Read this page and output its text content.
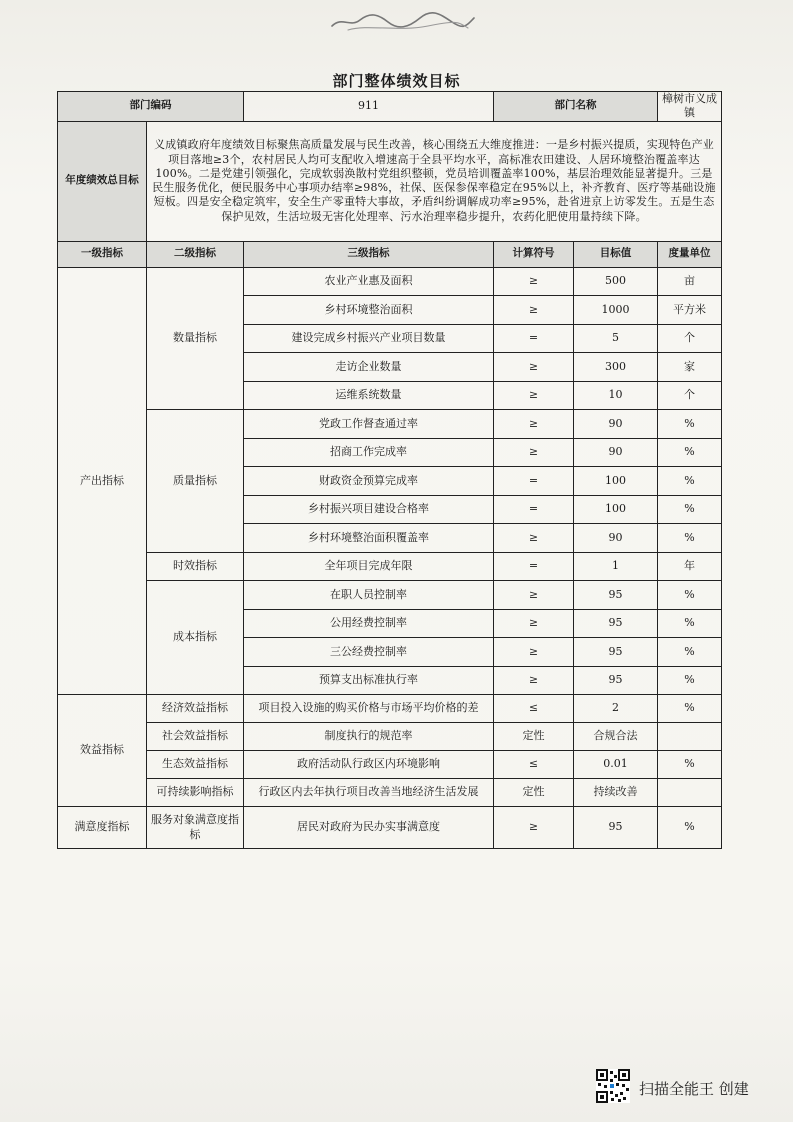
部门整体绩效目标
部门编码		911	部门名称		樟树市义成镇
年度绩效总目标	义成镇政府年度绩效目标聚焦高质量发展与民生改善，核心围绕五大维度推进：一是乡村振兴提质，实现特色产业项目落地≥3个，农村居民人均可支配收入增速高于全县平均水平，高标准农田建设、人居环境整治覆盖率达100%。二是党建引领强化，完成软弱涣散村党组织整顿，党员培训覆盖率100%，基层治理效能显著提升。三是民生服务优化，便民服务中心事项办结率≥98%，社保、医保参保率稳定在95%以上，补齐教育、医疗等基础设施短板。四是安全稳定筑牢，安全生产零重特大事故，矛盾纠纷调解成功率≥95%，赴省进京上访零发生。五是生态保护见效，生活垃圾无害化处理率、污水治理率稳步提升，农药化肥使用量持续下降。				
一级指标	二级指标	三级指标	计算符号	目标值	度量单位
产出指标	数量指标	农业产业惠及面积	≥	500	亩
		乡村环境整治面积	≥	1000	平方米
		建设完成乡村振兴产业项目数量	=	5	个
		走访企业数量	≥	300	家
		运维系统数量	≥	10	个
	质量指标	党政工作督查通过率	≥	90	%
		招商工作完成率	≥	90	%
		财政资金预算完成率	=	100	%
		乡村振兴项目建设合格率	=	100	%
		乡村环境整治面积覆盖率	≥	90	%
	时效指标	全年项目完成年限	=	1	年
	成本指标	在职人员控制率	≥	95	%
		公用经费控制率	≥	95	%
		三公经费控制率	≥	95	%
		预算支出标准执行率	≥	95	%
效益指标	经济效益指标	项目投入设施的购买价格与市场平均价格的差	≤	2	%
	社会效益指标	制度执行的规范率	定性	合规合法	
	生态效益指标	政府活动队行政区内环境影响	≤	0.01	%
	可持续影响指标	行政区内去年执行项目改善当地经济生活发展	定性	持续改善	
满意度指标	服务对象满意度指标	居民对政府为民办实事满意度	≥	95	%
扫描全能王 创建
